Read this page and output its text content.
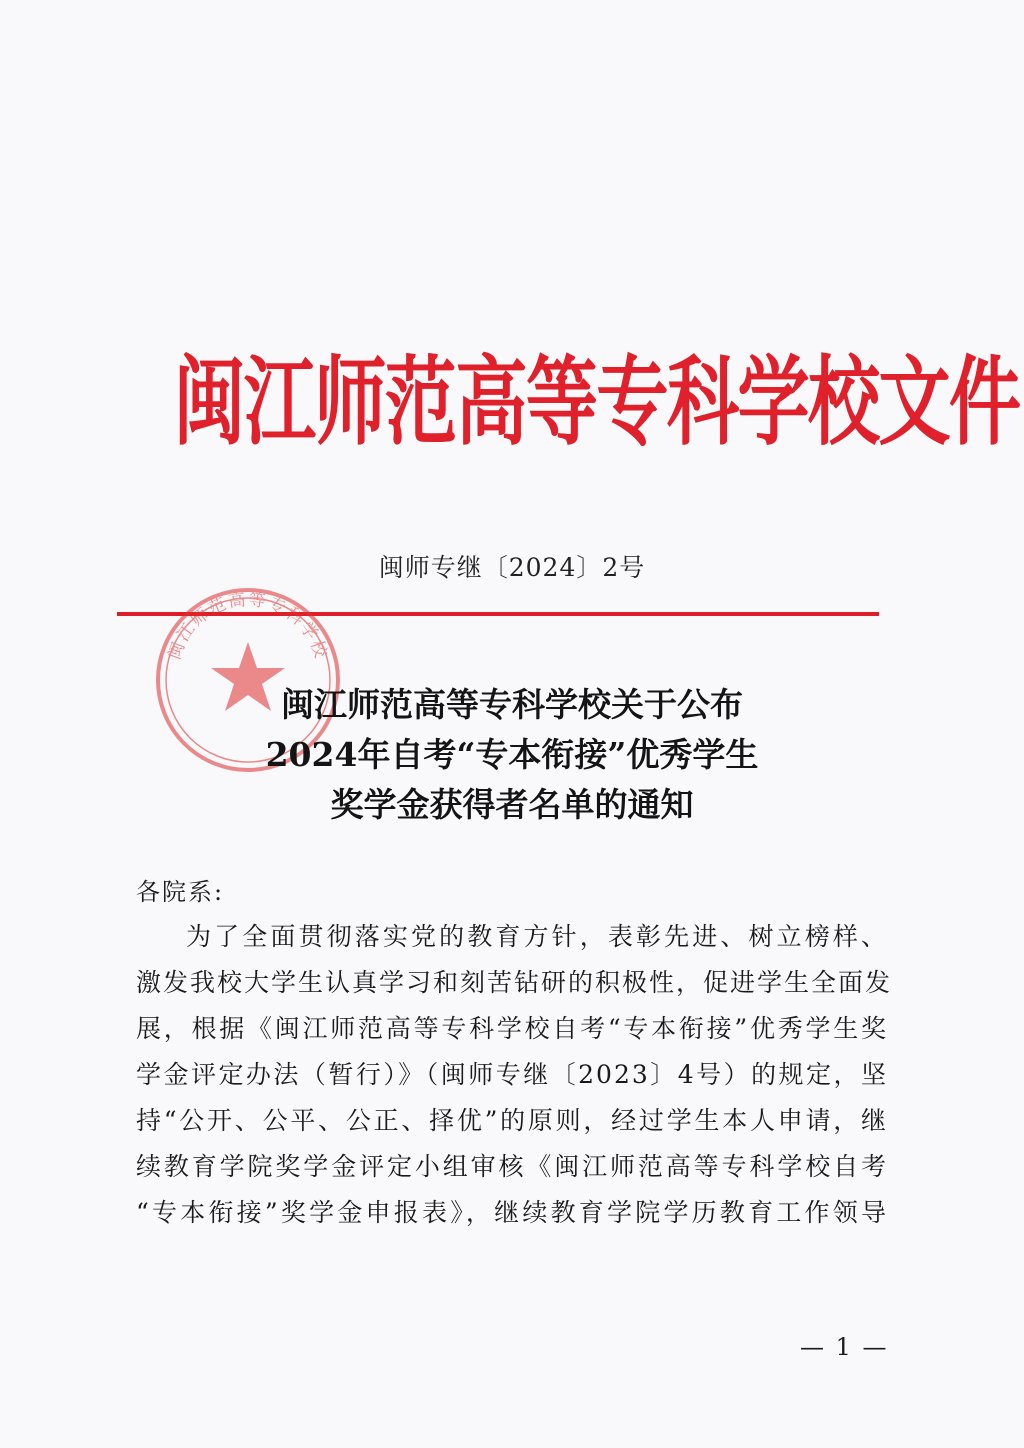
闽江师范高等专科学校文件
闽师专继〔2024〕2号
闽江师范高等专科学校
闽江师范高等专科学校关于公布
2024年自考“专本衔接”优秀学生
奖学金获得者名单的通知
各院系:
为了全面贯彻落实党的教育方针，表彰先进、树立榜样、
激发我校大学生认真学习和刻苦钻研的积极性，促进学生全面发
展，根据《闽江师范高等专科学校自考“专本衔接”优秀学生奖
学金评定办法（暂行）》（闽师专继〔2023〕4号）的规定，坚
持“公开、公平、公正、择优”的原则，经过学生本人申请，继
续教育学院奖学金评定小组审核《闽江师范高等专科学校自考
“专本衔接”奖学金申报表》，继续教育学院学历教育工作领导
— 1 —
